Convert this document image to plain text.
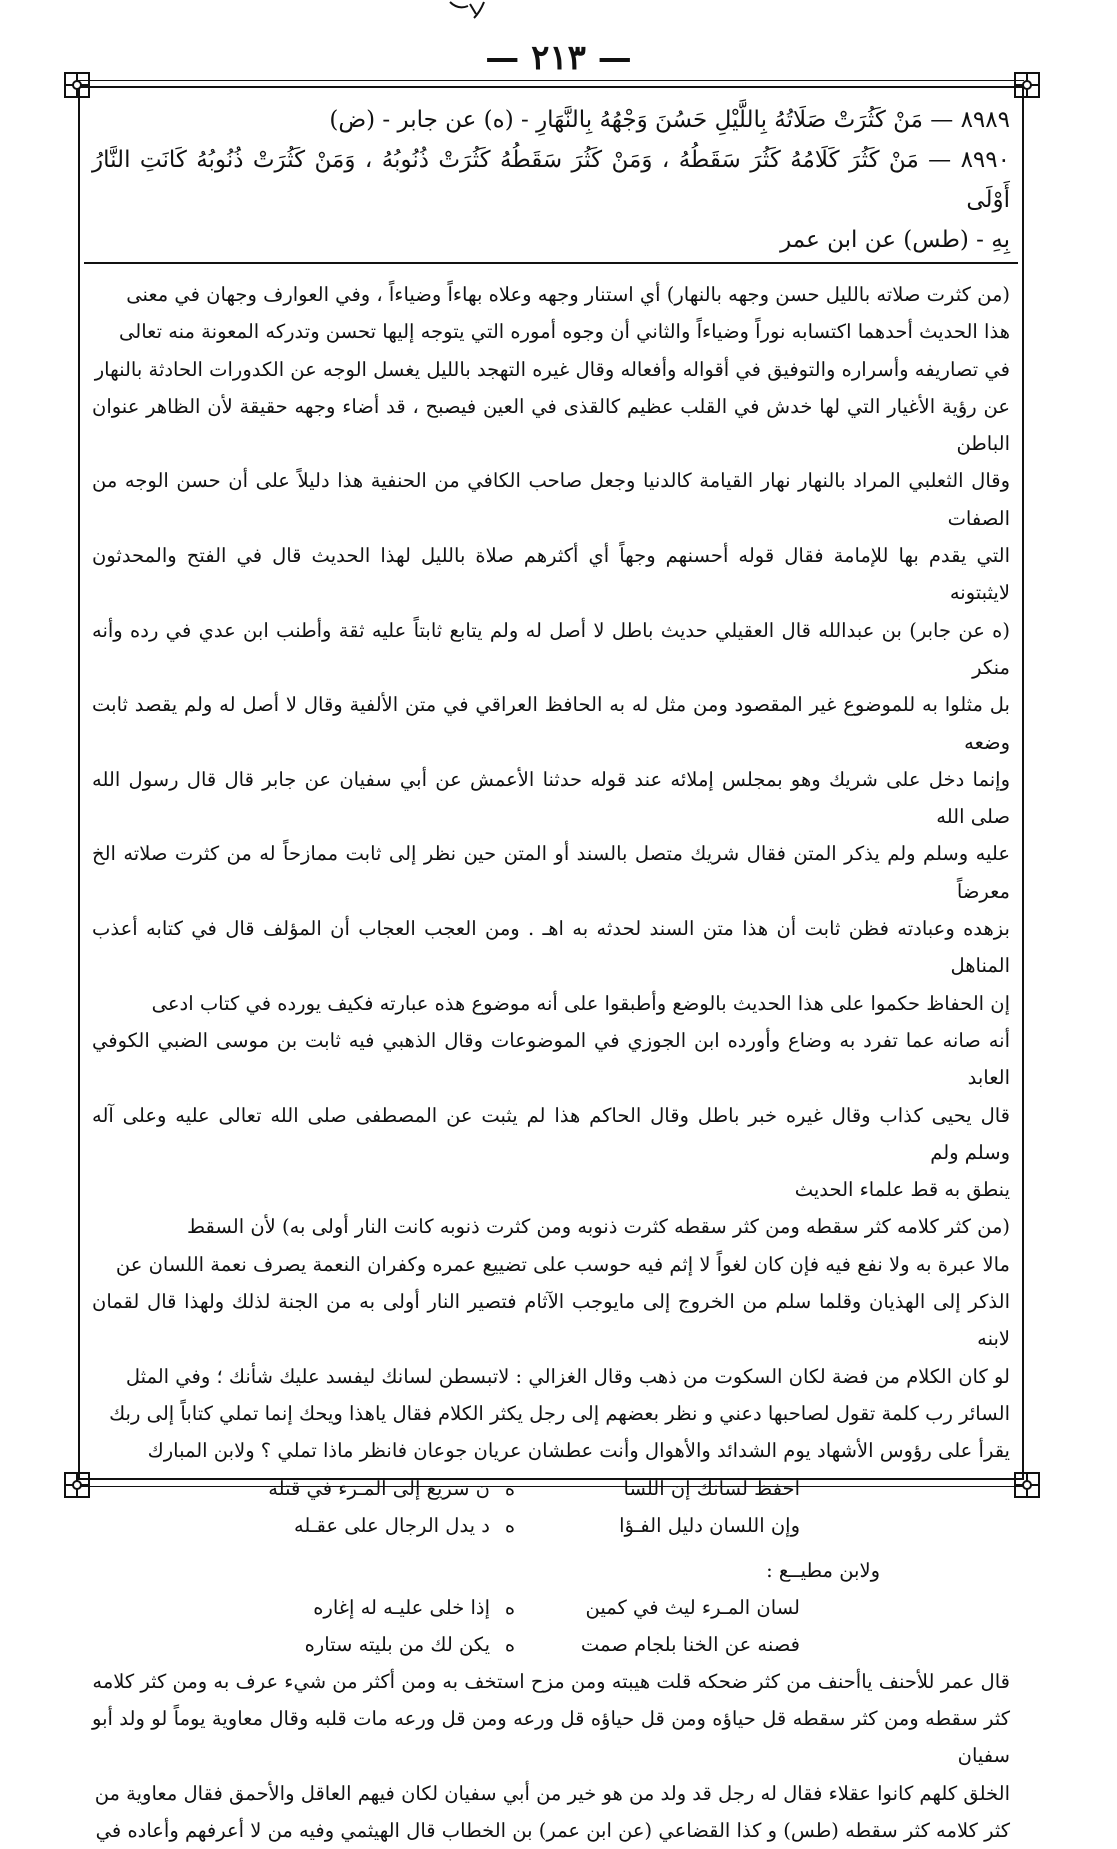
— ٢١٣ —

٨٩٨٩ — مَنْ كَثُرَتْ صَلَاتُهُ بِاللَّيْلِ حَسُنَ وَجْهُهُ بِالنَّهَارِ - (ه) عن جابر - (ض)

٨٩٩٠ — مَنْ كَثُرَ كَلَامُهُ كَثُرَ سَقَطُهُ ، وَمَنْ كَثُرَ سَقَطُهُ كَثُرَتْ ذُنُوبُهُ ، وَمَنْ كَثُرَتْ ذُنُوبُهُ كَانَتِ النَّارُ أَوْلَى

بِهِ - (طس) عن ابن عمر

(من كثرت صلاته بالليل حسن وجهه بالنهار) أي استنار وجهه وعلاه بهاءاً وضياءاً ، وفي العوارف وجهان في معنى

هذا الحديث أحدهما اكتسابه نوراً وضياءاً والثاني أن وجوه أموره التي يتوجه إليها تحسن وتدركه المعونة منه تعالى

في تصاريفه وأسراره والتوفيق في أقواله وأفعاله وقال غيره التهجد بالليل يغسل الوجه عن الكدورات الحادثة بالنهار

عن رؤية الأغيار التي لها خدش في القلب عظيم كالقذى في العين فيصبح ، قد أضاء وجهه حقيقة لأن الظاهر عنوان الباطن

وقال الثعلبي المراد بالنهار نهار القيامة كالدنيا وجعل صاحب الكافي من الحنفية هذا دليلاً على أن حسن الوجه من الصفات

التي يقدم بها للإمامة فقال قوله أحسنهم وجهاً أي أكثرهم صلاة بالليل لهذا الحديث قال في الفتح والمحدثون لايثبتونه

(ه عن جابر) بن عبدالله قال العقيلي حديث باطل لا أصل له ولم يتابع ثابتاً عليه ثقة وأطنب ابن عدي في رده وأنه منكر

بل مثلوا به للموضوع غير المقصود ومن مثل له به الحافظ العراقي في متن الألفية وقال لا أصل له ولم يقصد ثابت وضعه

وإنما دخل على شريك وهو بمجلس إملائه عند قوله حدثنا الأعمش عن أبي سفيان عن جابر قال قال رسول الله صلى الله

عليه وسلم ولم يذكر المتن فقال شريك متصل بالسند أو المتن حين نظر إلى ثابت ممازحاً له من كثرت صلاته الخ معرضاً

بزهده وعبادته فظن ثابت أن هذا متن السند لحدثه به اهـ . ومن العجب العجاب أن المؤلف قال في كتابه أعذب المناهل

إن الحفاظ حكموا على هذا الحديث بالوضع وأطبقوا على أنه موضوع هذه عبارته فكيف يورده في كتاب ادعى

أنه صانه عما تفرد به وضاع وأورده ابن الجوزي في الموضوعات وقال الذهبي فيه ثابت بن موسى الضبي الكوفي العابد

قال يحيى كذاب وقال غيره خبر باطل وقال الحاكم هذا لم يثبت عن المصطفى صلى الله تعالى عليه وعلى آله وسلم ولم

ينطق به قط علماء الحديث

(من كثر كلامه كثر سقطه ومن كثر سقطه كثرت ذنوبه ومن كثرت ذنوبه كانت النار أولى به) لأن السقط

مالا عبرة به ولا نفع فيه فإن كان لغواً لا إثم فيه حوسب على تضييع عمره وكفران النعمة يصرف نعمة اللسان عن

الذكر إلى الهذيان وقلما سلم من الخروج إلى مايوجب الآثام فتصير النار أولى به من الجنة لذلك ولهذا قال لقمان لابنه

لو كان الكلام من فضة لكان السكوت من ذهب وقال الغزالي : لاتبسطن لسانك ليفسد عليك شأنك ؛ وفي المثل

السائر رب كلمة تقول لصاحبها دعني و نظر بعضهم إلى رجل يكثر الكلام فقال ياهذا ويحك إنما تملي كتاباً إلى ربك

يقرأ على رؤوس الأشهاد يوم الشدائد والأهوال وأنت عطشان عريان جوعان فانظر ماذا تملي ؟ ولابن المبارك

احفظ لسانك إن اللسا
ه
ن سريع إلى المـرء في قتله
وإن اللسان دليل الفـؤا
ه
د يدل الرجال على عقـله

ولابن مطيــع :

لسان المـرء ليث في كمين
ه
إذا خلى عليـه له إغاره
فصنه عن الخنا بلجام صمت
ه
يكن لك من بليته ستاره

قال عمر للأحنف ياأحنف من كثر ضحكه قلت هيبته ومن مزح استخف به ومن أكثر من شيء عرف به ومن كثر كلامه

كثر سقطه ومن كثر سقطه قل حياؤه ومن قل حياؤه قل ورعه ومن قل ورعه مات قلبه وقال معاوية يوماً لو ولد أبو سفيان

الخلق كلهم كانوا عقلاء فقال له رجل قد ولد من هو خير من أبي سفيان لكان فيهم العاقل والأحمق فقال معاوية من

كثر كلامه كثر سقطه (طس) و كذا القضاعي (عن ابن عمر) بن الخطاب قال الهيثمي وفيه من لا أعرفهم وأعاده في
